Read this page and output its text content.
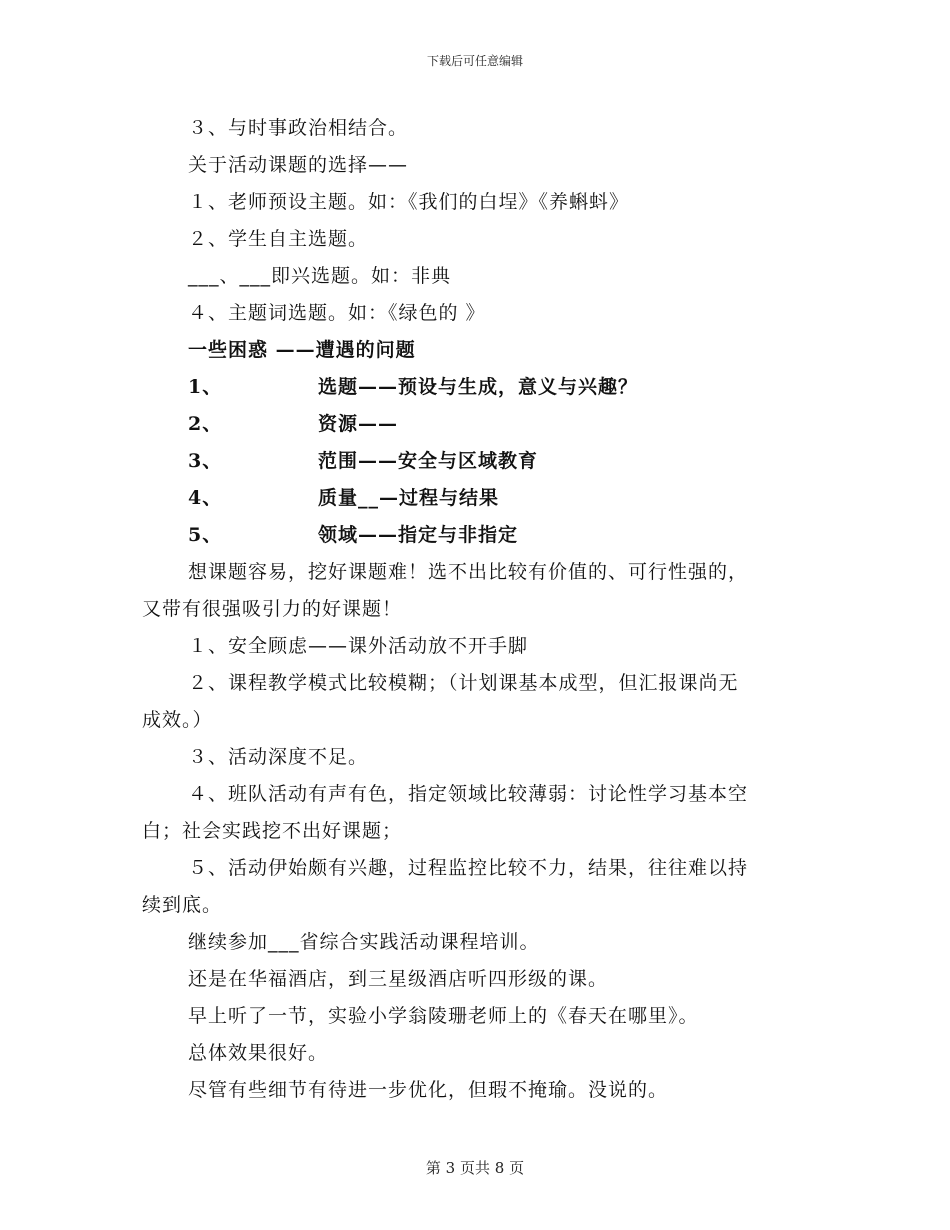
下载后可任意编辑
３、与时事政治相结合。
关于活动课题的选择——
１、老师预设主题。如：《我们的白埕》《养蝌蚪》
２、学生自主选题。
___、___即兴选题。如：非典
４、主题词选题。如：《绿色的 》
一些困惑 ——遭遇的问题
1、	选题——预设与生成，意义与兴趣？
2、	资源——
3、	范围——安全与区域教育
4、	质量__—过程与结果
5、	领域——指定与非指定
想课题容易，挖好课题难！选不出比较有价值的、可行性强的，
又带有很强吸引力的好课题！
１、安全顾虑——课外活动放不开手脚
２、课程教学模式比较模糊；（计划课基本成型，但汇报课尚无
成效。）
３、活动深度不足。
４、班队活动有声有色，指定领域比较薄弱：讨论性学习基本空
白；社会实践挖不出好课题；
５、活动伊始颇有兴趣，过程监控比较不力，结果，往往难以持
续到底。
继续参加___省综合实践活动课程培训。
还是在华福酒店，到三星级酒店听四形级的课。
早上听了一节，实验小学翁陵珊老师上的《春天在哪里》。
总体效果很好。
尽管有些细节有待进一步优化，但瑕不掩瑜。没说的。
第 3 页共 8 页
